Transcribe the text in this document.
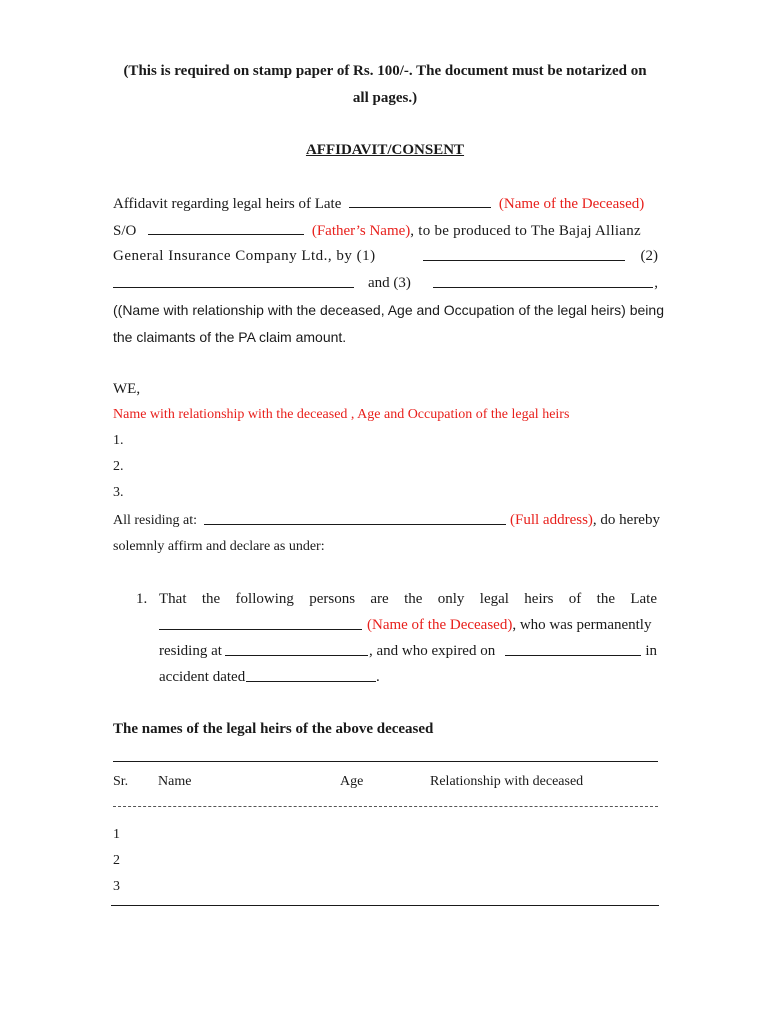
(This is required on stamp paper of Rs. 100/-. The document must be notarized on
all pages.)
AFFIDAVIT/CONSENT
Affidavit regarding legal heirs of Late	(Name of the Deceased)
S/O	(Father’s Name), to be produced to The Bajaj Allianz
General Insurance Company Ltd., by (1)	(2)
and (3)	,
((Name with relationship with the deceased, Age and Occupation of the legal heirs) being
the claimants of the PA claim amount.
WE,
Name with relationship with the deceased , Age and Occupation of the legal heirs
1.
2.
3.
All residing at:	(Full address), do hereby
solemnly affirm and declare as under:
1. That the following persons are the only legal heirs of the Late
(Name of the Deceased), who was permanently
residing at	, and who expired on	in
accident dated	.
The names of the legal heirs of the above deceased
Sr. Name	Age	Relationship with deceased
1
2
3
